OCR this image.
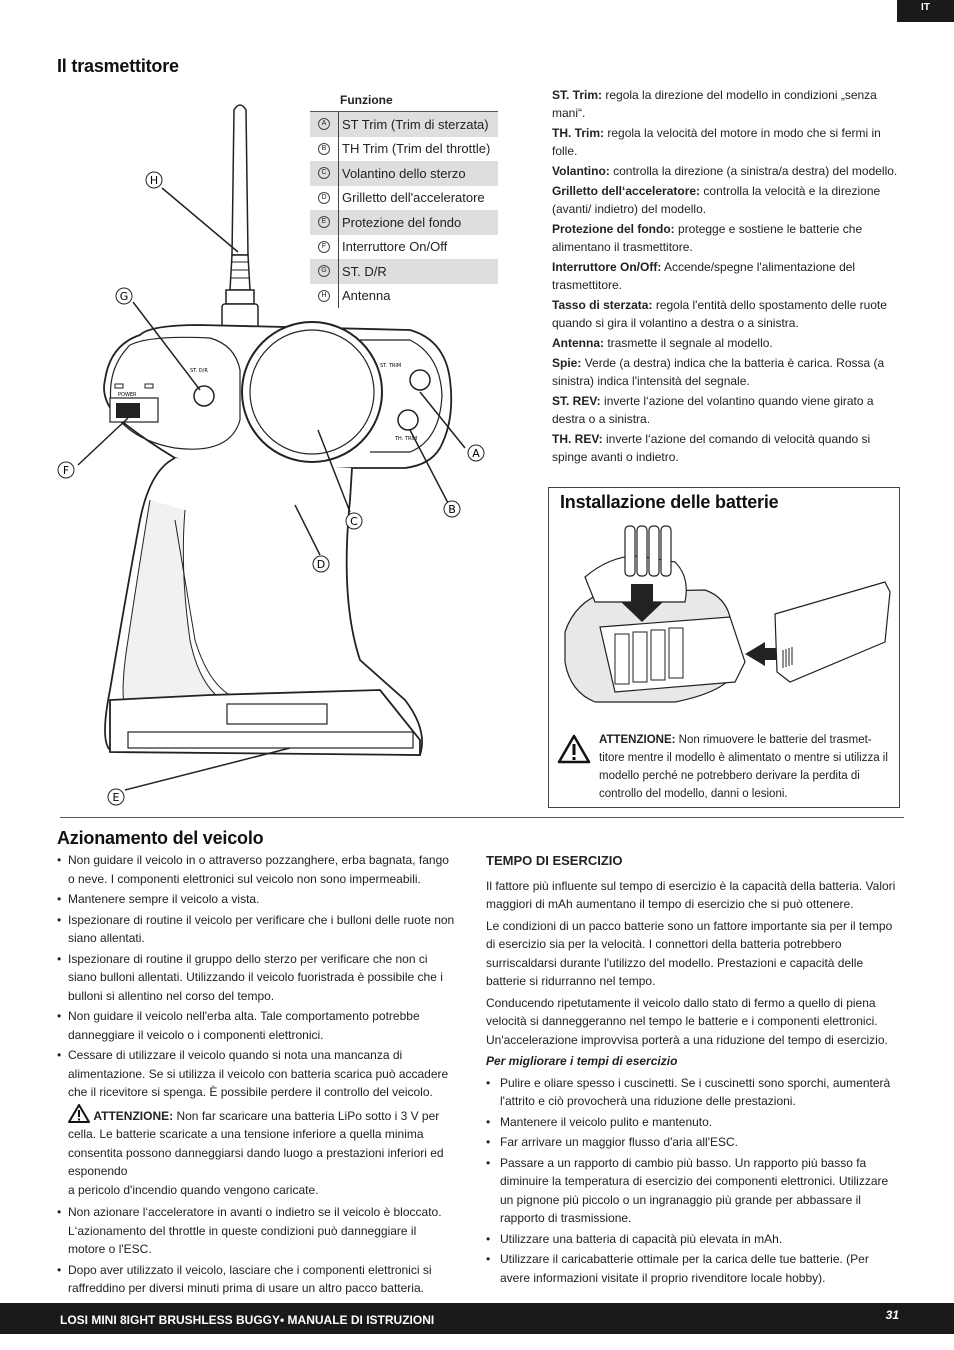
IT
Il trasmettitore
ST. TRIM
TH. TRIM
ST. D/R
POWER
H
G
F
A
B
C
D
E
Funzione
A	ST Trim (Trim di sterzata)
B	TH Trim (Trim del throttle)
C	Volantino dello sterzo
D	Grilletto dell'acceleratore
E	Protezione del fondo
F	Interruttore On/Off
G	ST. D/R
H	Antenna

ST. Trim: regola la direzione del modello in condizioni „senza mani“.

TH. Trim: regola la velocità del motore in modo che si fermi in folle.

Volantino: controlla la direzione (a sinistra/a destra) del modello.

Grilletto dell‘acceleratore: controlla la velocità e la direzione (avanti/ indietro) del modello.

Protezione del fondo: protegge e sostiene le batterie che alimentano il trasmettitore.

Interruttore On/Off: Accende/spegne l'alimentazione del trasmettitore.

Tasso di sterzata: regola l'entità dello spostamento delle ruote quando si gira il volantino a destra o a sinistra.

Antenna: trasmette il segnale al modello.

Spie: Verde (a destra) indica che la batteria è carica. Rossa (a sinistra) indica l'intensità del segnale.

ST. REV: inverte l‘azione del volantino quando viene girato a destra o a sinistra.

TH. REV: inverte l‘azione del comando di velocità quando si spinge avanti o indietro.

Installazione delle batterie
ATTENZIONE: Non rimuovere le batterie del trasmet-titore mentre il modello è alimentato o mentre si utilizza il modello perché ne potrebbero derivare la perdita di controllo del modello, danni o lesioni.
Azionamento del veicolo
• Non guidare il veicolo in o attraverso pozzanghere, erba bagnata, fango o neve. I componenti elettronici sul veicolo non sono impermeabili.
• Mantenere sempre il veicolo a vista.
• Ispezionare di routine il veicolo per verificare che i bulloni delle ruote non siano allentati.
• Ispezionare di routine il gruppo dello sterzo per verificare che non ci siano bulloni allentati. Utilizzando il veicolo fuoristrada è possibile che i bulloni si allentino nel corso del tempo.
• Non guidare il veicolo nell'erba alta. Tale comportamento potrebbe danneggiare il veicolo o i componenti elettronici.
• Cessare di utilizzare il veicolo quando si nota una mancanza di alimentazione. Se si utilizza il veicolo con batteria scarica può accadere che il ricevitore si spenga. È possibile perdere il controllo del veicolo.
ATTENZIONE: Non far scaricare una batteria LiPo sotto i 3 V per cella. Le batterie scaricate a una tensione inferiore a quella minima consentita possono danneggiarsi dando luogo a prestazioni inferiori ed esponendo
a pericolo d'incendio quando vengono caricate.
• Non azionare l‘acceleratore in avanti o indietro se il veicolo è bloccato. L‘azionamento del throttle in queste condizioni può danneggiare il motore o l'ESC.
• Dopo aver utilizzato il veicolo, lasciare che i componenti elettronici si raffreddino per diversi minuti prima di usare un altro pacco batteria.
TEMPO DI ESERCIZIO

Il fattore più influente sul tempo di esercizio è la capacità della batteria. Valori maggiori di mAh aumentano il tempo di esercizio che si può ottenere.

Le condizioni di un pacco batterie sono un fattore importante sia per il tempo di esercizio sia per la velocità. I connettori della batteria potrebbero surriscaldarsi durante l'utilizzo del modello. Prestazioni e capacità delle batterie si ridurranno nel tempo.

Conducendo ripetutamente il veicolo dallo stato di fermo a quello di piena velocità si danneggeranno nel tempo le batterie e i componenti elettronici. Un'accelerazione improvvisa porterà a una riduzione del tempo di esercizio.

Per migliorare i tempi di esercizio

• Pulire e oliare spesso i cuscinetti. Se i cuscinetti sono sporchi, aumenterà l'attrito e ciò provocherà una riduzione delle prestazioni.
• Mantenere il veicolo pulito e mantenuto.
• Far arrivare un maggior flusso d'aria all'ESC.
• Passare a un rapporto di cambio più basso. Un rapporto più basso fa diminuire la temperatura di esercizio dei componenti elettronici. Utilizzare un pignone più piccolo o un ingranaggio più grande per abbassare il rapporto di trasmissione.
• Utilizzare una batteria di capacità più elevata in mAh.
• Utilizzare il caricabatterie ottimale per la carica delle tue batterie. (Per avere informazioni visitate il proprio rivenditore locale hobby).
LOSI MINI 8IGHT BRUSHLESS BUGGY• MANUALE DI ISTRUZIONI	31
